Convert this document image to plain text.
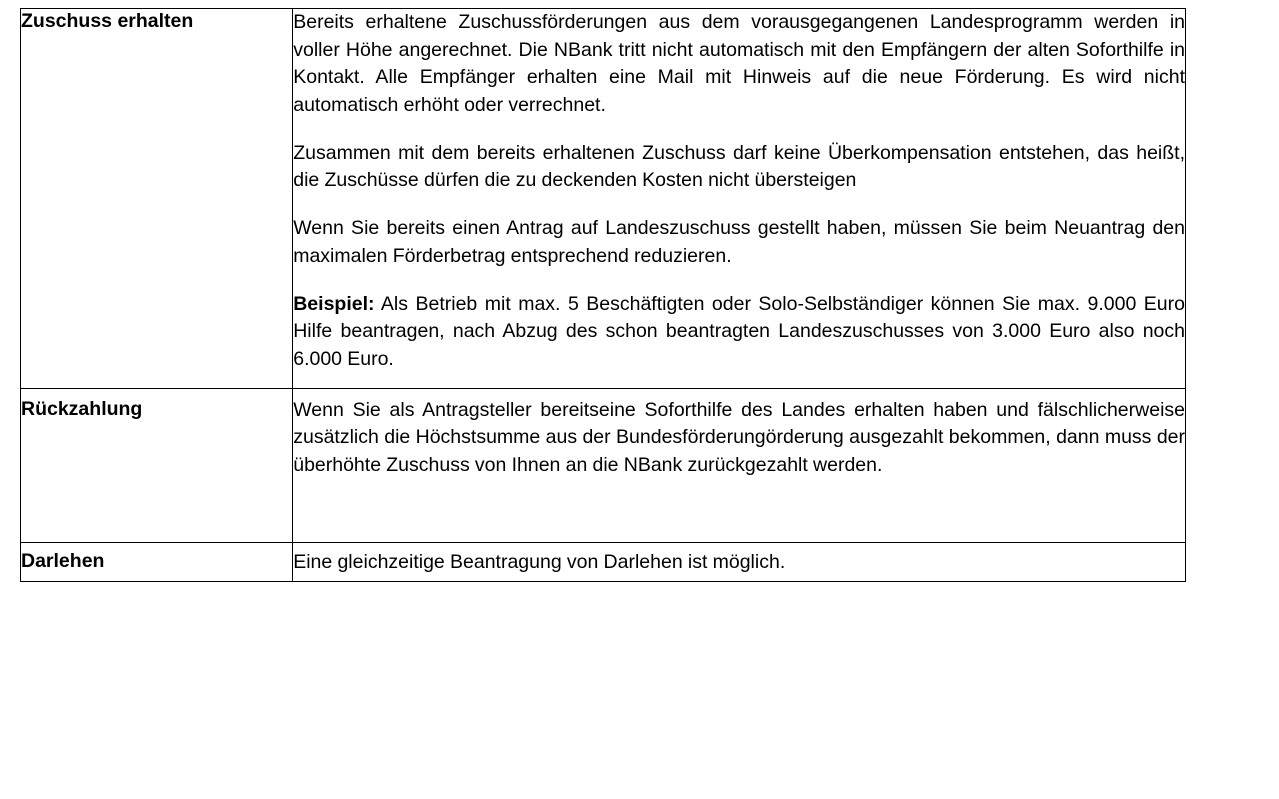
Zuschuss erhalten	Bereits erhaltene Zuschussförderungen aus dem vorausgegangenen Landesprogramm werden in voller Höhe angerechnet. Die NBank tritt nicht automatisch mit den Empfängern der alten Soforthilfe in Kontakt. Alle Empfänger erhalten eine Mail mit Hinweis auf die neue Förderung. Es wird nicht automatisch erhöht oder verrechnet.

Zusammen mit dem bereits erhaltenen Zuschuss darf keine Überkompensation entstehen, das heißt, die Zuschüsse dürfen die zu deckenden Kosten nicht übersteigen

Wenn Sie bereits einen Antrag auf Landeszuschuss gestellt haben, müssen Sie beim Neuantrag den maximalen Förderbetrag entsprechend reduzieren.

Beispiel: Als Betrieb mit max. 5 Beschäftigten oder Solo-Selbständiger können Sie max. 9.000 Euro Hilfe beantragen, nach Abzug des schon beantragten Landeszuschusses von 3.000 Euro also noch 6.000 Euro.

Rückzahlung	Wenn Sie als Antragsteller bereitseine Soforthilfe des Landes erhalten haben und fälschlicherweise zusätzlich die Höchstsumme aus der Bundesförderungörderung ausgezahlt bekommen, dann muss der überhöhte Zuschuss von Ihnen an die NBank zurückgezahlt werden.

Darlehen	Eine gleichzeitige Beantragung von Darlehen ist möglich.
